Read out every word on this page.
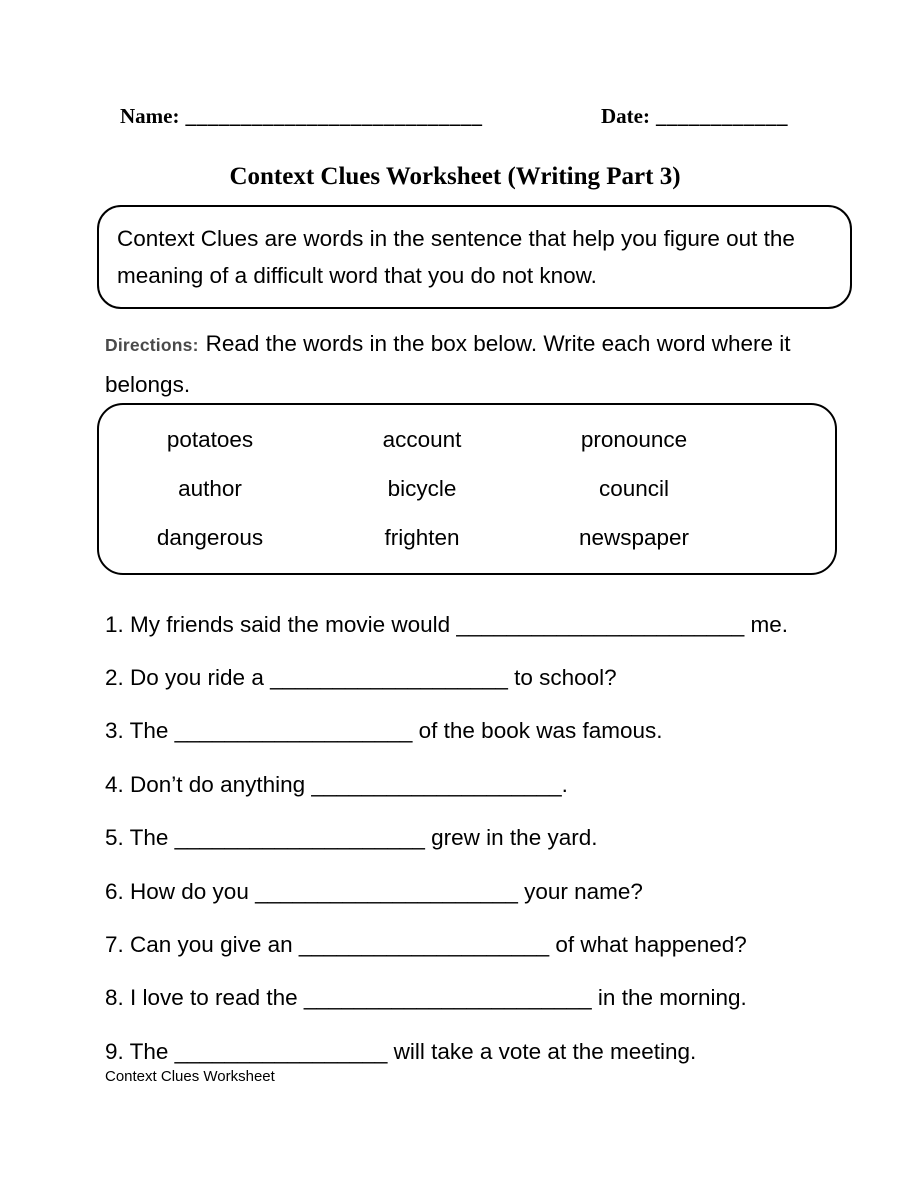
Name: ___________________________	Date: ____________
Context Clues Worksheet (Writing Part 3)
Context Clues are words in the sentence that help you figure out the meaning of a difficult word that you do not know.
Directions: Read the words in the box below. Write each word where it belongs.
potatoes	account	pronounce
author	bicycle	council
dangerous	frighten	newspaper
1. My friends said the movie would _______________________ me.
2. Do you ride a ___________________ to school?
3. The ___________________ of the book was famous.
4. Don’t do anything ____________________.
5. The ____________________ grew in the yard.
6. How do you _____________________ your name?
7. Can you give an ____________________ of what happened?
8. I love to read the _______________________ in the morning.
9. The _________________ will take a vote at the meeting.
Context Clues Worksheet
